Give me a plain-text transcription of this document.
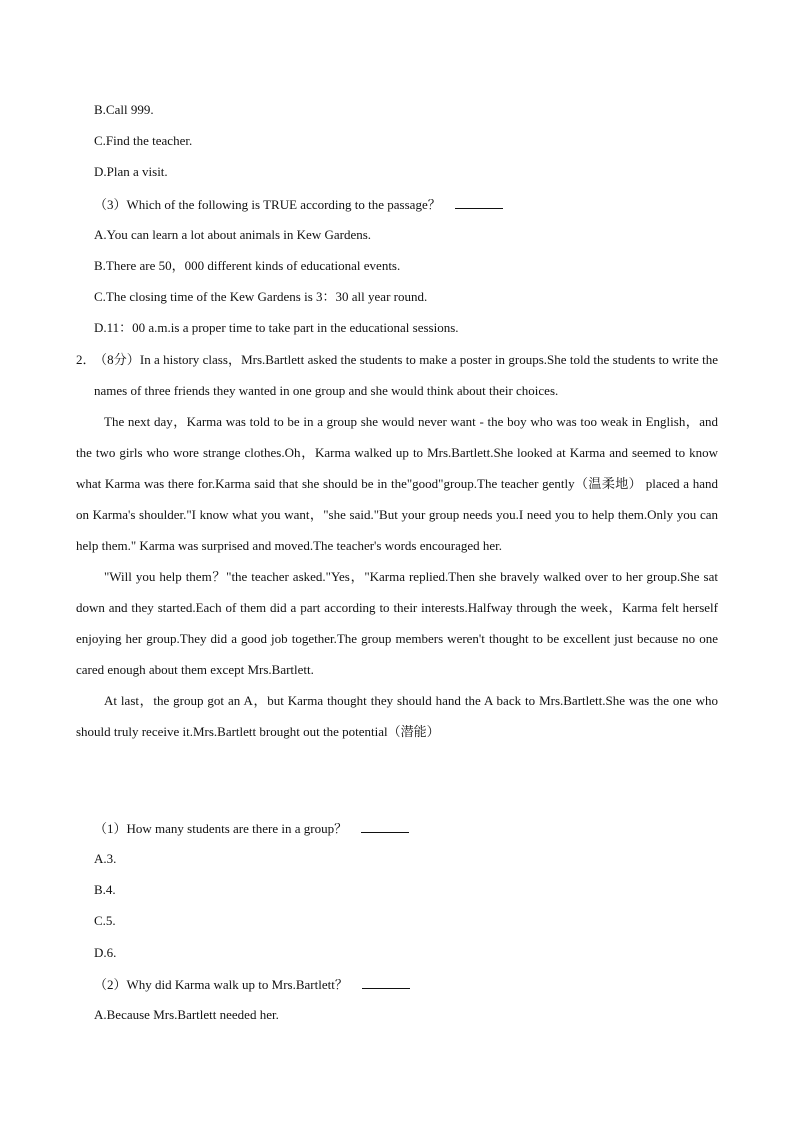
B.Call 999.
C.Find the teacher.
D.Plan a visit.
（3）Which of the following is TRUE according to the passage？
A.You can learn a lot about animals in Kew Gardens.
B.There are 50，000 different kinds of educational events.
C.The closing time of the Kew Gardens is 3：30 all year round.
D.11：00 a.m.is a proper time to take part in the educational sessions.
2．

（8分）In a history class，Mrs.Bartlett asked the students to make a poster in groups.She told the students to write the names of three friends they wanted in one group and she would think about their choices.

The next day，Karma was told to be in a group she would never want - the boy who was too weak in English，and the two girls who wore strange clothes.Oh，Karma walked up to Mrs.Bartlett.She looked at Karma and seemed to know what Karma was there for.Karma said that she should be in the"good"group.The teacher gently（温柔地） placed a hand on Karma's shoulder."I know what you want，"she said."But your group needs you.I need you to help them.Only you can help them." Karma was surprised and moved.The teacher's words encouraged her.

"Will you help them？"the teacher asked."Yes，"Karma replied.Then she bravely walked over to her group.She sat down and they started.Each of them did a part according to their interests.Halfway through the week，Karma felt herself enjoying her group.They did a good job together.The group members weren't thought to be excellent just because no one cared enough about them except Mrs.Bartlett.

At last，the group got an A，but Karma thought they should hand the A back to Mrs.Bartlett.She was the one who should truly receive it.Mrs.Bartlett brought out the potential（潜能）

（1）How many students are there in a group？
A.3.
B.4.
C.5.
D.6.
（2）Why did Karma walk up to Mrs.Bartlett？
A.Because Mrs.Bartlett needed her.
